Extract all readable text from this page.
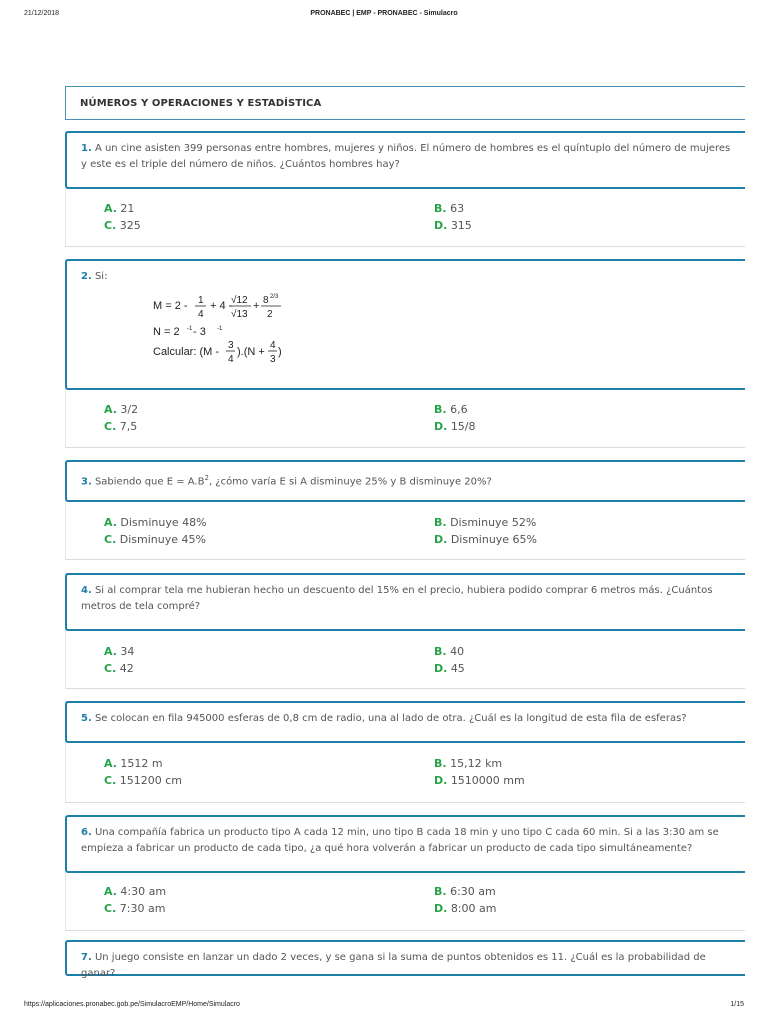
21/12/2018	PRONABEC | EMP - PRONABEC - Simulacro
NÚMEROS Y OPERACIONES Y ESTADÍSTICA
1. A un cine asisten 399 personas entre hombres, mujeres y niños. El número de hombres es el quíntuplo del número de mujeres y este es el triple del número de niños. ¿Cuántos hombres hay?
A. 21	B. 63
C. 325	D. 315
2. Si:
M = 2 - 1
4
+ 4 -
√12
√13
+ 8 2/3
2
N = 2 -1 - 3 -1
Calcular: (M -
3
4
).(N +
4
3
)
A. 3/2	B. 6,6
C. 7,5	D. 15/8
3. Sabiendo que $E = A.B^2$, ¿cómo varía E si A disminuye 25% y B disminuye 20%?
A. Disminuye 48%	B. Disminuye 52%
C. Disminuye 45%	D. Disminuye 65%
4. Si al comprar tela me hubieran hecho un descuento del 15% en el precio, hubiera podido comprar 6 metros más. ¿Cuántos metros de tela compré?
A. 34	B. 40
C. 42	D. 45
5. Se colocan en fila 945000 esferas de 0,8 cm de radio, una al lado de otra. ¿Cuál es la longitud de esta fila de esferas?
A. 1512 m	B. 15,12 km
C. 151200 cm	D. 1510000 mm
6. Una compañía fabrica un producto tipo A cada 12 min, uno tipo B cada 18 min y uno tipo C cada 60 min. Si a las 3:30 am se empieza a fabricar un producto de cada tipo, ¿a qué hora volverán a fabricar un producto de cada tipo simultáneamente?
A. 4:30 am	B. 6:30 am
C. 7:30 am	D. 8:00 am
7. Un juego consiste en lanzar un dado 2 veces, y se gana si la suma de puntos obtenidos es 11. ¿Cuál es la probabilidad de ganar?
https://aplicaciones.pronabec.gob.pe/SimulacroEMP/Home/Simulacro	1/15
